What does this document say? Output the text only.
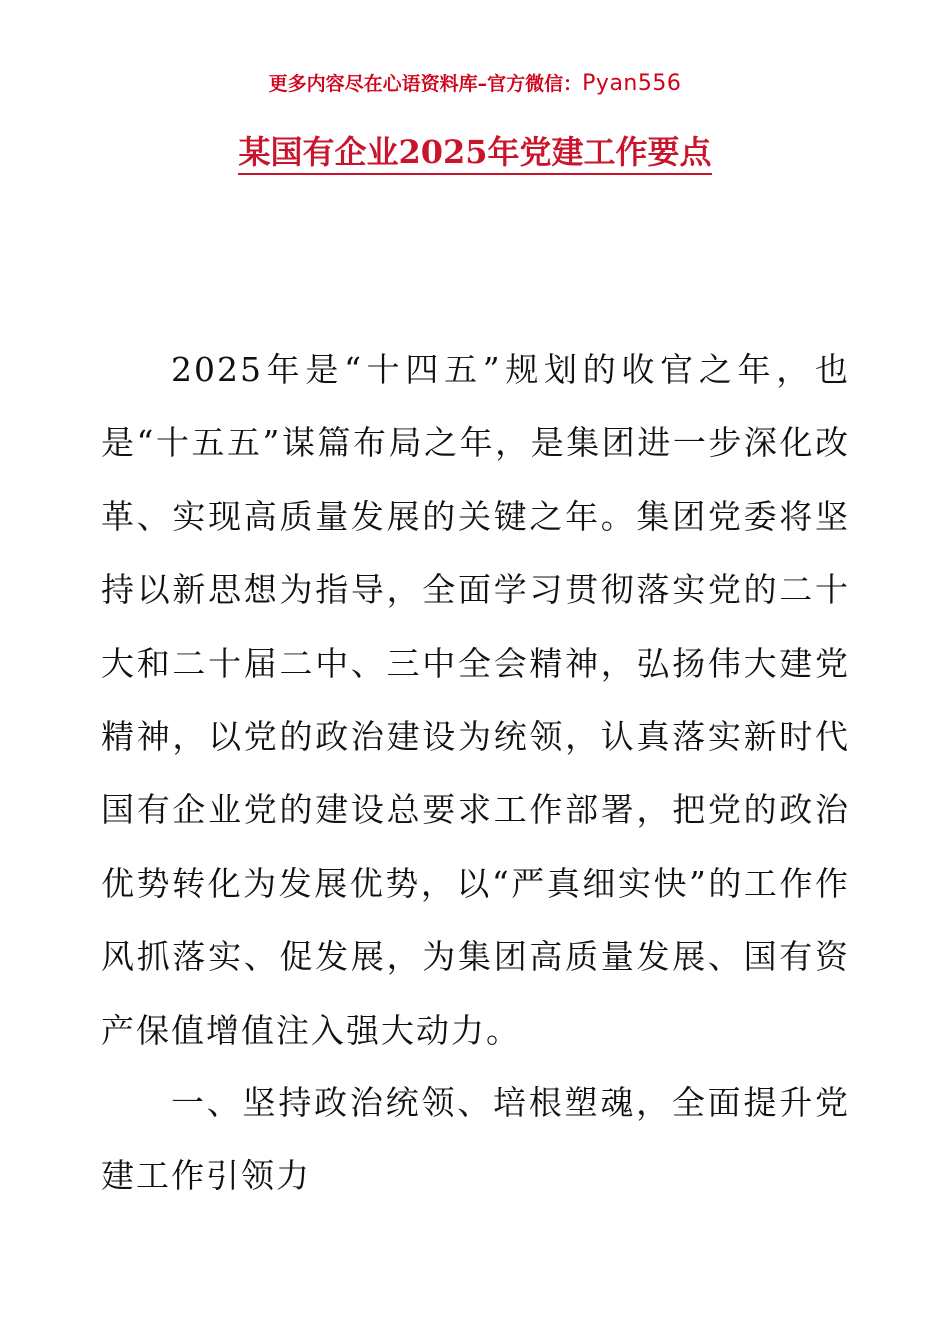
更多内容尽在心语资料库–官方微信：Pyan556
某国有企业2025年党建工作要点

2025年是“十四五”规划的收官之年，也是“十五五”谋篇布局之年，是集团进一步深化改革、实现高质量发展的关键之年。集团党委将坚持以新思想为指导，全面学习贯彻落实党的二十大和二十届二中、三中全会精神，弘扬伟大建党精神，以党的政治建设为统领，认真落实新时代国有企业党的建设总要求工作部署，把党的政治优势转化为发展优势，以“严真细实快”的工作作风抓落实、促发展，为集团高质量发展、国有资产保值增值注入强大动力。

一、坚持政治统领、培根塑魂，全面提升党建工作引领力
